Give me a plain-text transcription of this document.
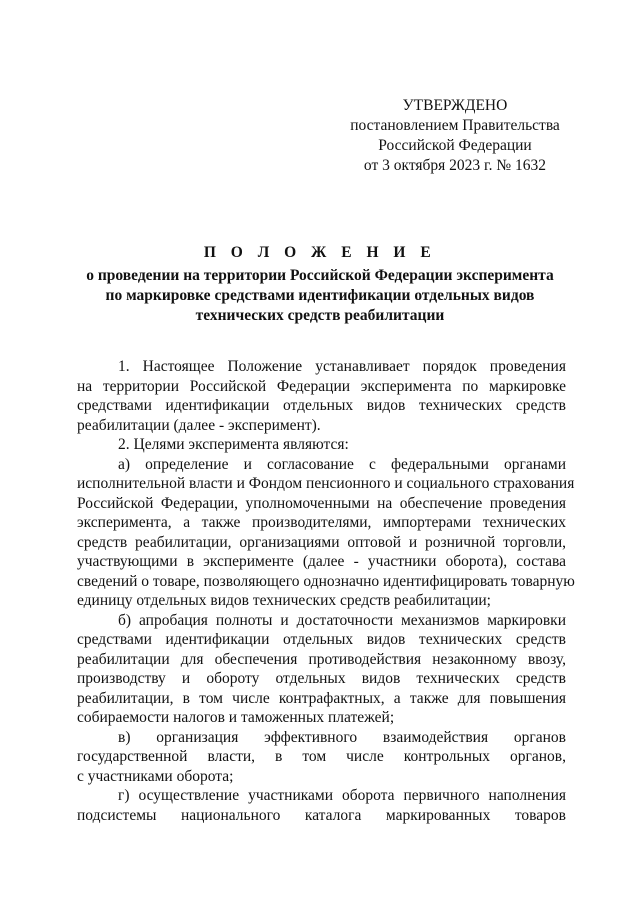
УТВЕРЖДЕНО
постановлением Правительства
Российской Федерации
от 3 октября 2023 г. № 1632
П О Л О Ж Е Н И Е
о проведении на территории Российской Федерации эксперимента
по маркировке средствами идентификации отдельных видов
технических средств реабилитации
1. Настоящее Положение устанавливает порядок проведения
на территории Российской Федерации эксперимента по маркировке
средствами идентификации отдельных видов технических средств
реабилитации (далее - эксперимент).
2. Целями эксперимента являются:
а) определение и согласование с федеральными органами
исполнительной власти и Фондом пенсионного и социального страхования
Российской Федерации, уполномоченными на обеспечение проведения
эксперимента, а также производителями, импортерами технических
средств реабилитации, организациями оптовой и розничной торговли,
участвующими в эксперименте (далее - участники оборота), состава
сведений о товаре, позволяющего однозначно идентифицировать товарную
единицу отдельных видов технических средств реабилитации;
б) апробация полноты и достаточности механизмов маркировки
средствами идентификации отдельных видов технических средств
реабилитации для обеспечения противодействия незаконному ввозу,
производству и обороту отдельных видов технических средств
реабилитации, в том числе контрафактных, а также для повышения
собираемости налогов и таможенных платежей;
в) организация эффективного взаимодействия органов
государственной власти, в том числе контрольных органов,
с участниками оборота;
г) осуществление участниками оборота первичного наполнения
подсистемы национального каталога маркированных товаров
